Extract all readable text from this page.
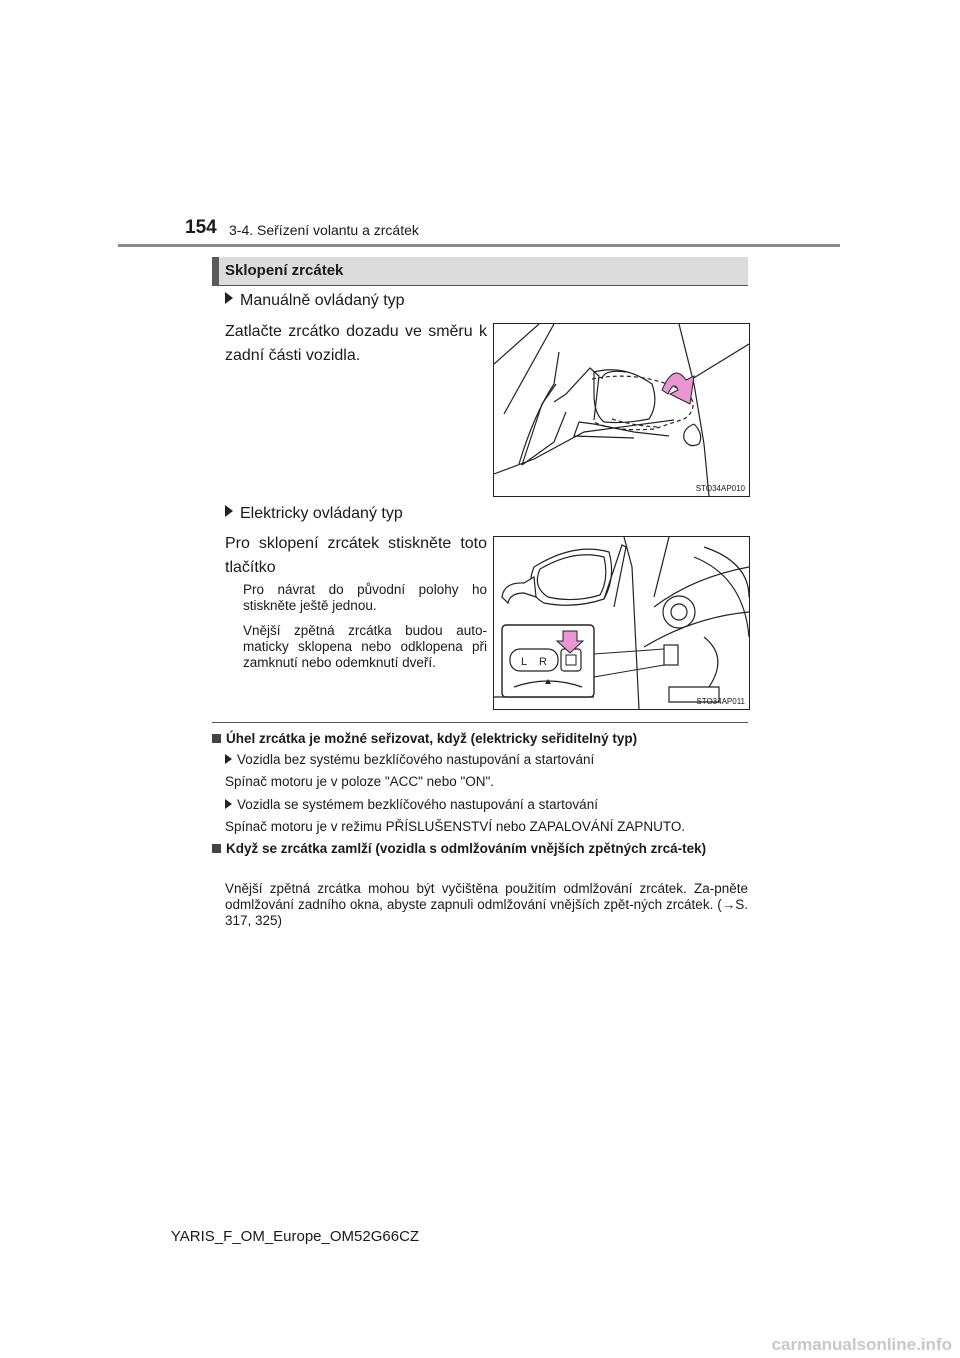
154 3-4. Seřízení volantu a zrcátek
Sklopení zrcátek
Manuálně ovládaný typ
Zatlačte zrcátko dozadu ve směru k zadní části vozidla.
STO34AP010
Elektricky ovládaný typ
Pro sklopení zrcátek stiskněte toto tlačítko
Pro návrat do původní polohy ho stiskněte ještě jednou.
Vnější zpětná zrcátka budou auto-maticky sklopena nebo odklopena při zamknutí nebo odemknutí dveří.	L R
STO34AP011
Úhel zrcátka je možné seřizovat, když (elektricky seřiditelný typ)
Vozidla bez systému bezklíčového nastupování a startování
Spínač motoru je v poloze "ACC" nebo "ON".
Vozidla se systémem bezklíčového nastupování a startování
Spínač motoru je v režimu PŘÍSLUŠENSTVÍ nebo ZAPALOVÁNÍ ZAPNUTO.
Když se zrcátka zamlží (vozidla s odmlžováním vnějších zpětných zrcá-tek)
Vnější zpětná zrcátka mohou být vyčištěna použitím odmlžování zrcátek. Za-pněte odmlžování zadního okna, abyste zapnuli odmlžování vnějších zpět-ných zrcátek. (→S. 317, 325)
YARIS_F_OM_Europe_OM52G66CZ
carmanualsonline.info
